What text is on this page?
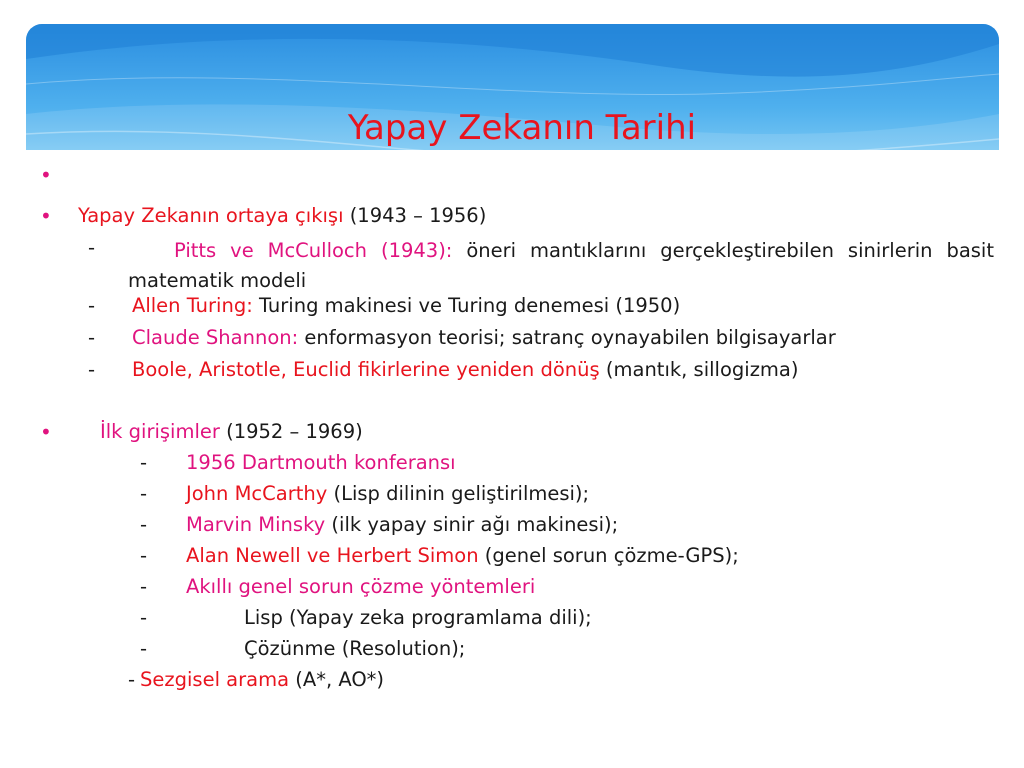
Yapay Zekanın Tarihi
•
• Yapay Zekanın ortaya çıkışı (1943 – 1956)
-	Pitts ve McCulloch (1943): öneri mantıklarını gerçekleştirebilen sinirlerin basit matematik modeli
- Allen Turing: Turing makinesi ve Turing denemesi (1950)
- Claude Shannon: enformasyon teorisi; satranç oynayabilen bilgisayarlar
- Boole, Aristotle, Euclid fikirlerine yeniden dönüş (mantık, sillogizma)
• İlk girişimler (1952 – 1969)
- 1956 Dartmouth konferansı
- John McCarthy (Lisp dilinin geliştirilmesi);
- Marvin Minsky (ilk yapay sinir ağı makinesi);
- Alan Newell ve Herbert Simon (genel sorun çözme-GPS);
- Akıllı genel sorun çözme yöntemleri
-	Lisp (Yapay zeka programlama dili);
-	Çözünme (Resolution);
- Sezgisel arama (A*, AO*)
